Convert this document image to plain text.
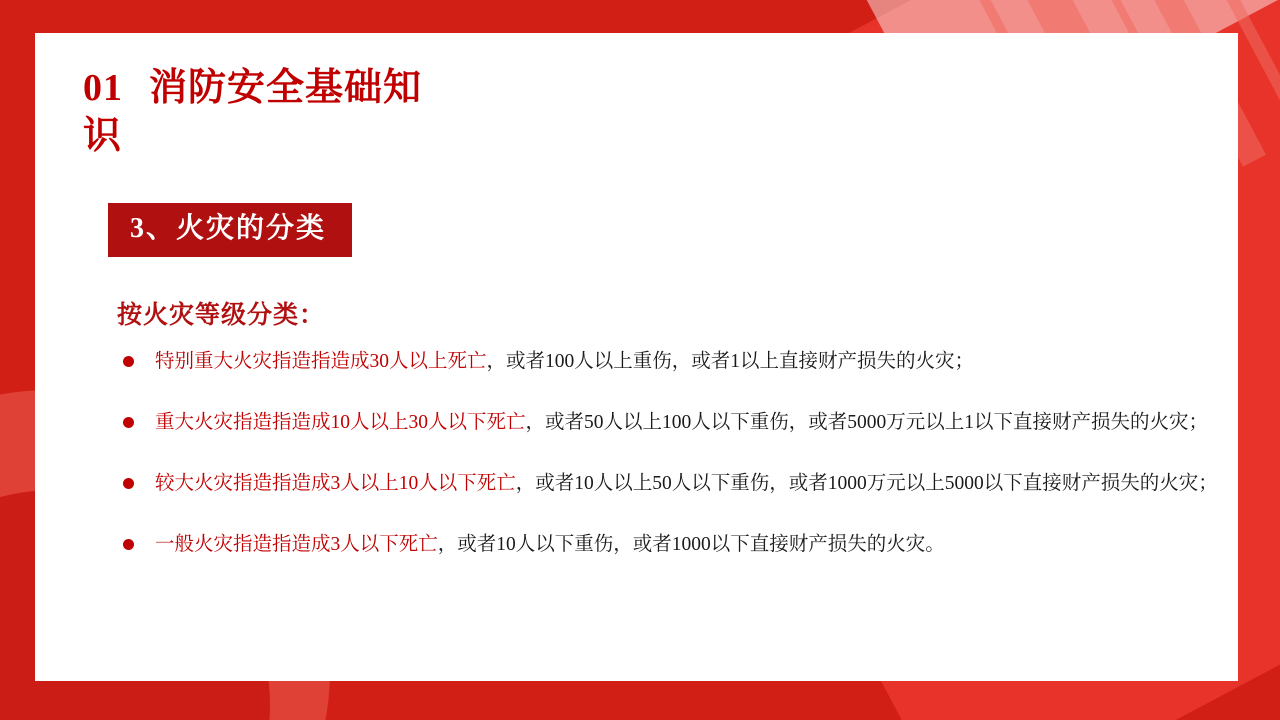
01 消防安全基础知
识
3、火灾的分类
按火灾等级分类：
特别重大火灾指造指造成30人以上死亡，或者100人以上重伤，或者1以上直接财产损失的火灾；
重大火灾指造指造成10人以上30人以下死亡，或者50人以上100人以下重伤，或者5000万元以上1以下直接财产损失的火灾；
较大火灾指造指造成3人以上10人以下死亡，或者10人以上50人以下重伤，或者1000万元以上5000以下直接财产损失的火灾；
一般火灾指造指造成3人以下死亡，或者10人以下重伤，或者1000以下直接财产损失的火灾。
